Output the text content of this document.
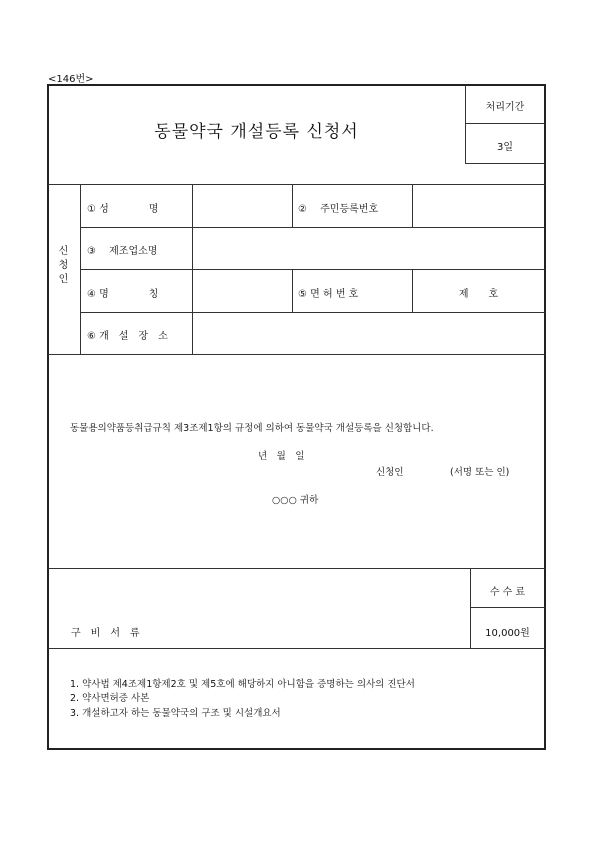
<146번>
동물약국 개설등록 신청서
처리기간
3일
신
청
인
① 성　　　　명	② 　주민등록번호
③ 　제조업소명
④ 명　　　　칭	⑤ 면 허 번 호	제　　호
⑥ 개　설　장　소
동물용의약품등취급규칙 제3조제1항의 규정에 의하여 동물약국 개설등록을 신청합니다.
년　월　일
신청인	(서명 또는 인)
○○○ 귀하
구　비　서　류
수 수 료
10,000원
1. 약사법 제4조제1항제2호 및 제5호에 해당하지 아니함을 증명하는 의사의 진단서
2. 약사면허증 사본
3. 개설하고자 하는 동물약국의 구조 및 시설개요서
